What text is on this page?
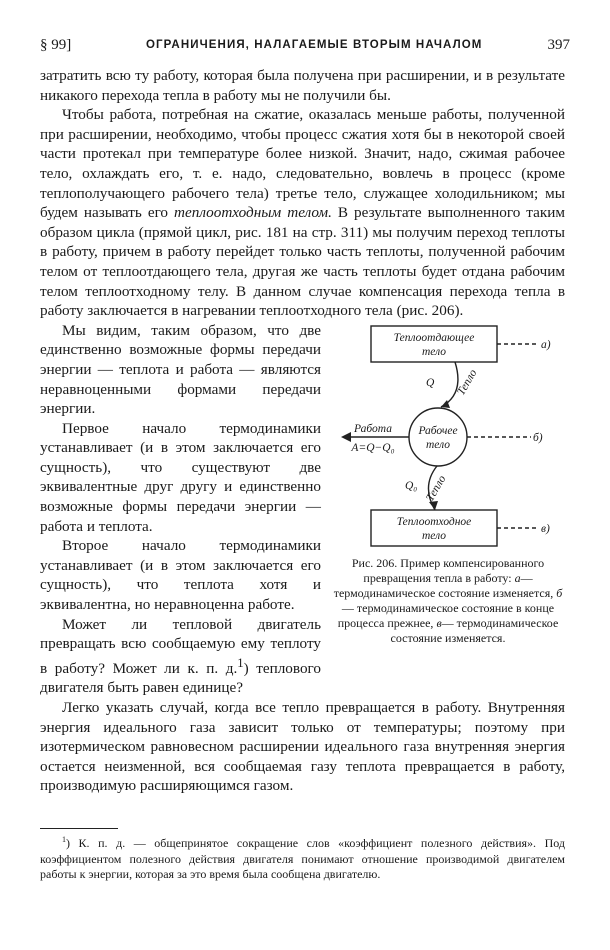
§ 99]	ОГРАНИЧЕНИЯ, НАЛАГАЕМЫЕ ВТОРЫМ НАЧАЛОМ	397

затратить всю ту работу, которая была получена при расширении, и в результате никакого перехода тепла в работу мы не получили бы.

Чтобы работа, потребная на сжатие, оказалась меньше работы, полученной при расширении, необходимо, чтобы процесс сжатия хотя бы в некоторой своей части протекал при температуре более низкой. Значит, надо, сжимая рабочее тело, охлаждать его, т. е. надо, следовательно, вовлечь в процесс (кроме теплополучающего рабочего тела) третье тело, служащее холодильником; мы будем называть его теплоотходным телом. В результате выполненного таким образом цикла (прямой цикл, рис. 181 на стр. 311) мы получим переход теплоты в работу, причем в работу перейдет только часть теплоты, полученной рабочим телом от теплоотдающего тела, другая же часть теплоты будет отдана рабочим телом теплоотходному телу. В данном случае компенсация перехода тепла в работу заключается в нагревании теплоотходного тела (рис. 206).

Теплоотдающее
тело
a)
Q Тепло
Работа
A=Q−Q₀
Рабочее
тело
б)
Q₀ Тепло
Теплоотходное
тело
в)
Рис. 206. Пример компенсированного превращения тепла в работу: а— термодинамическое состояние изменяется, б — термодинамическое состояние в конце процесса прежнее, в— термодинамическое состояние изменяется.

Мы видим, таким образом, что две единственно возможные формы передачи энергии — теплота и работа — являются неравноценными формами передачи энергии.

Первое начало термодинамики устанавливает (и в этом заключается его сущность), что существуют две эквивалентные друг другу и единственно возможные формы передачи энергии — работа и теплота.

Второе начало термодинамики устанавливает (и в этом заключается его сущность), что теплота хотя и эквивалентна, но неравноценна работе.

Может ли тепловой двигатель превращать всю сообщаемую ему теплоту в работу? Может ли к. п. д.$^1$) теплового двигателя быть равен единице?

Легко указать случай, когда все тепло превращается в работу. Внутренняя энергия идеального газа зависит только от температуры; поэтому при изотермическом равновесном расширении идеального газа внутренняя энергия остается неизменной, вся сообщаемая газу теплота превращается в работу, производимую расширяющимся газом.

$^1$) К. п. д. — общепринятое сокращение слов «коэффициент полезного действия». Под коэффициентом полезного действия двигателя понимают отношение производимой двигателем работы к энергии, которая за это время была сообщена двигателю.
